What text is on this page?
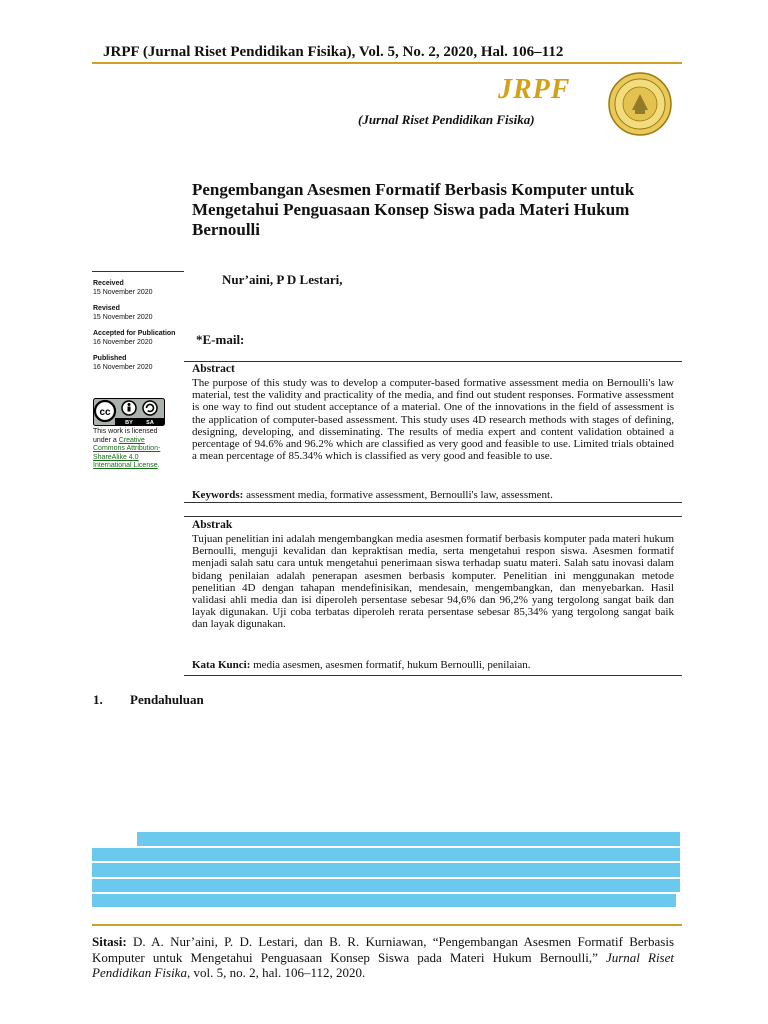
JRPF (Jurnal Riset Pendidikan Fisika), Vol. 5, No. 2, 2020, Hal. 106–112
JRPF
(Jurnal Riset Pendidikan Fisika)
Pengembangan Asesmen Formatif Berbasis Komputer untuk Mengetahui Penguasaan Konsep Siswa pada Materi Hukum Bernoulli
Nur’aini, P D Lestari,
*E-mail:
Received
15 November 2020
Revised
15 November 2020
Accepted for Publication
16 November 2020
Published
16 November 2020
cc
BY SA
This work is licensed under a Creative Commons Attribution-ShareAlike 4.0 International License.
Abstract
The purpose of this study was to develop a computer-based formative assessment media on Bernoulli's law material, test the validity and practicality of the media, and find out student responses. Formative assessment is one way to find out student acceptance of a material. One of the innovations in the field of assessment is the application of computer-based assessment. This study uses 4D research methods with stages of defining, designing, developing, and disseminating. The results of media expert and content validation obtained a percentage of 94.6% and 96.2% which are classified as very good and feasible to use. Limited trials obtained a mean percentage of 85.34% which is classified as very good and feasible to use.
Keywords: assessment media, formative assessment, Bernoulli's law, assessment.
Abstrak
Tujuan penelitian ini adalah mengembangkan media asesmen formatif berbasis komputer pada materi hukum Bernoulli, menguji kevalidan dan kepraktisan media, serta mengetahui respon siswa. Asesmen formatif menjadi salah satu cara untuk mengetahui penerimaan siswa terhadap suatu materi. Salah satu inovasi dalam bidang penilaian adalah penerapan asesmen berbasis komputer. Penelitian ini menggunakan metode penelitian 4D dengan tahapan mendefinisikan, mendesain, mengembangkan, dan menyebarkan. Hasil validasi ahli media dan isi diperoleh persentase sebesar 94,6% dan 96,2% yang tergolong sangat baik dan layak digunakan. Uji coba terbatas diperoleh rerata persentase sebesar 85,34% yang tergolong sangat baik dan layak digunakan.
Kata Kunci: media asesmen, asesmen formatif, hukum Bernoulli, penilaian.
1. Pendahuluan
Sitasi: D. A. Nur’aini, P. D. Lestari, dan B. R. Kurniawan, “Pengembangan Asesmen Formatif Berbasis Komputer untuk Mengetahui Penguasaan Konsep Siswa pada Materi Hukum Bernoulli,” Jurnal Riset Pendidikan Fisika, vol. 5, no. 2, hal. 106–112, 2020.
